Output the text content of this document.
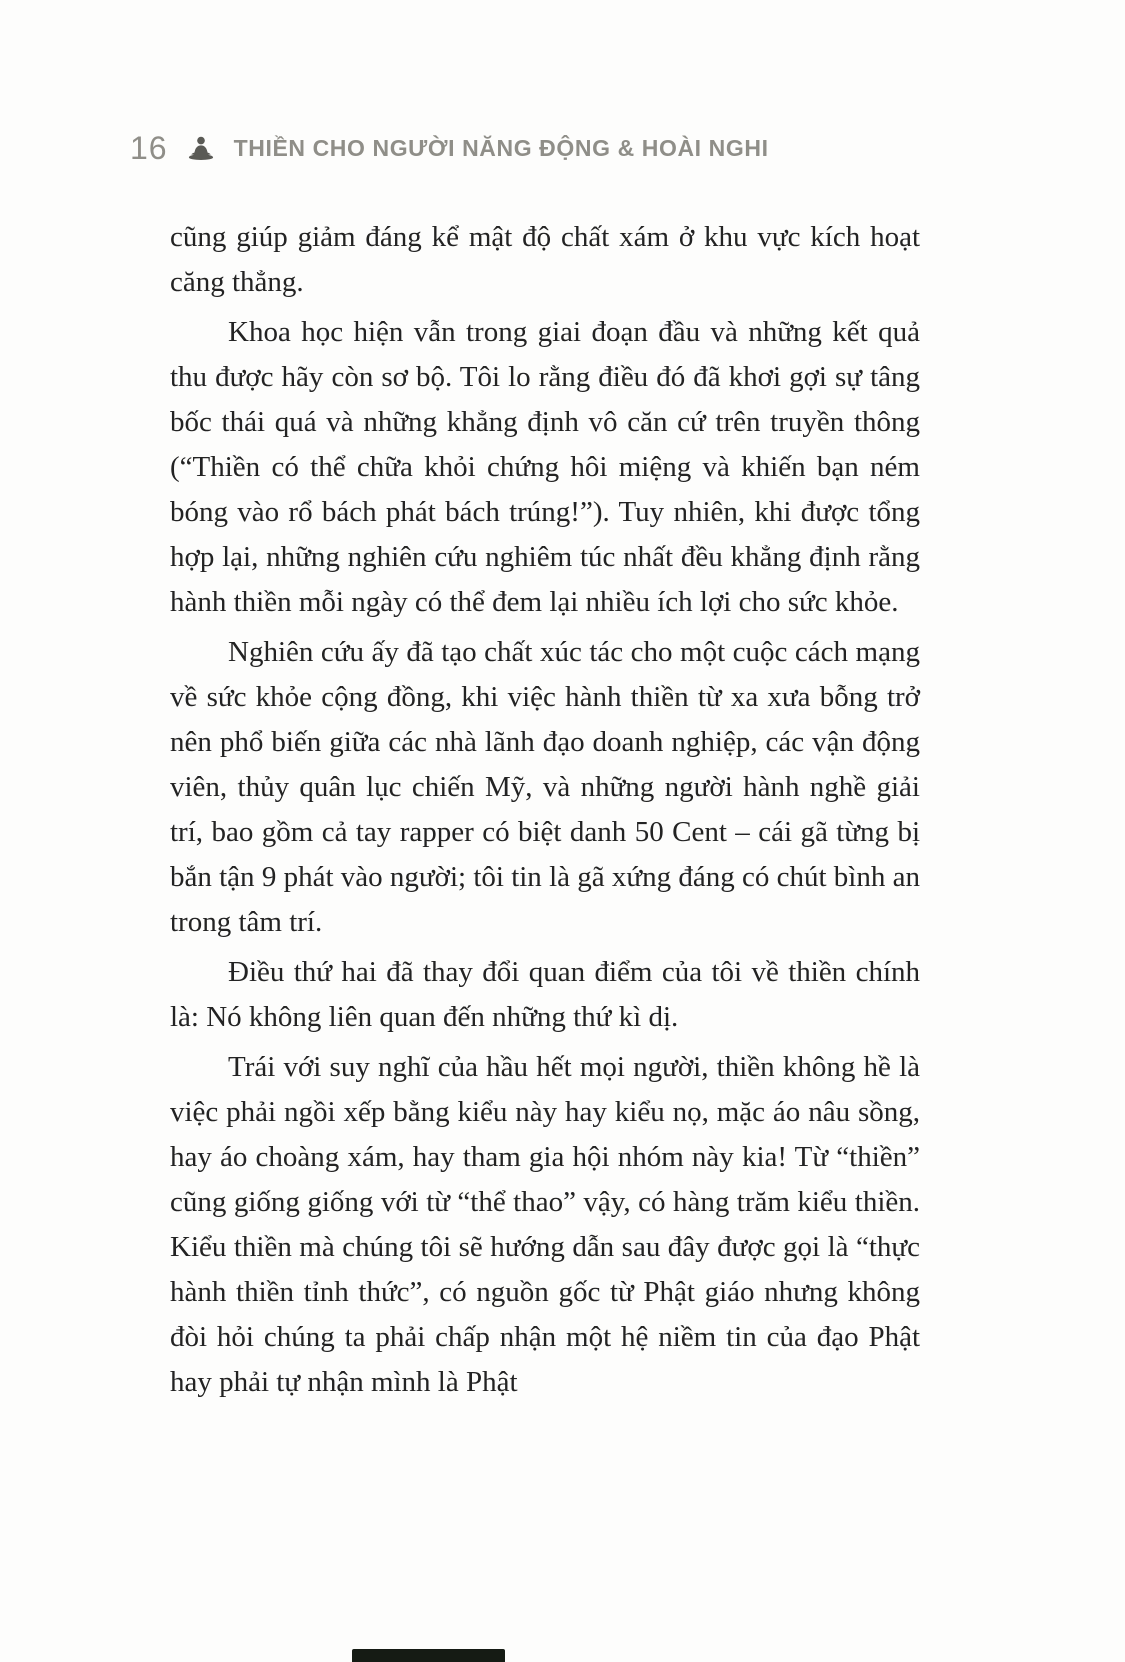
16	THIỀN CHO NGƯỜI NĂNG ĐỘNG & HOÀI NGHI

cũng giúp giảm đáng kể mật độ chất xám ở khu vực kích hoạt căng thẳng.

Khoa học hiện vẫn trong giai đoạn đầu và những kết quả thu được hãy còn sơ bộ. Tôi lo rằng điều đó đã khơi gợi sự tâng bốc thái quá và những khẳng định vô căn cứ trên truyền thông (“Thiền có thể chữa khỏi chứng hôi miệng và khiến bạn ném bóng vào rổ bách phát bách trúng!”). Tuy nhiên, khi được tổng hợp lại, những nghiên cứu nghiêm túc nhất đều khẳng định rằng hành thiền mỗi ngày có thể đem lại nhiều ích lợi cho sức khỏe.

Nghiên cứu ấy đã tạo chất xúc tác cho một cuộc cách mạng về sức khỏe cộng đồng, khi việc hành thiền từ xa xưa bỗng trở nên phổ biến giữa các nhà lãnh đạo doanh nghiệp, các vận động viên, thủy quân lục chiến Mỹ, và những người hành nghề giải trí, bao gồm cả tay rapper có biệt danh 50 Cent – cái gã từng bị bắn tận 9 phát vào người; tôi tin là gã xứng đáng có chút bình an trong tâm trí.

Điều thứ hai đã thay đổi quan điểm của tôi về thiền chính là: Nó không liên quan đến những thứ kì dị.

Trái với suy nghĩ của hầu hết mọi người, thiền không hề là việc phải ngồi xếp bằng kiểu này hay kiểu nọ, mặc áo nâu sồng, hay áo choàng xám, hay tham gia hội nhóm này kia! Từ “thiền” cũng giống giống với từ “thể thao” vậy, có hàng trăm kiểu thiền. Kiểu thiền mà chúng tôi sẽ hướng dẫn sau đây được gọi là “thực hành thiền tỉnh thức”, có nguồn gốc từ Phật giáo nhưng không đòi hỏi chúng ta phải chấp nhận một hệ niềm tin của đạo Phật hay phải tự nhận mình là Phật
